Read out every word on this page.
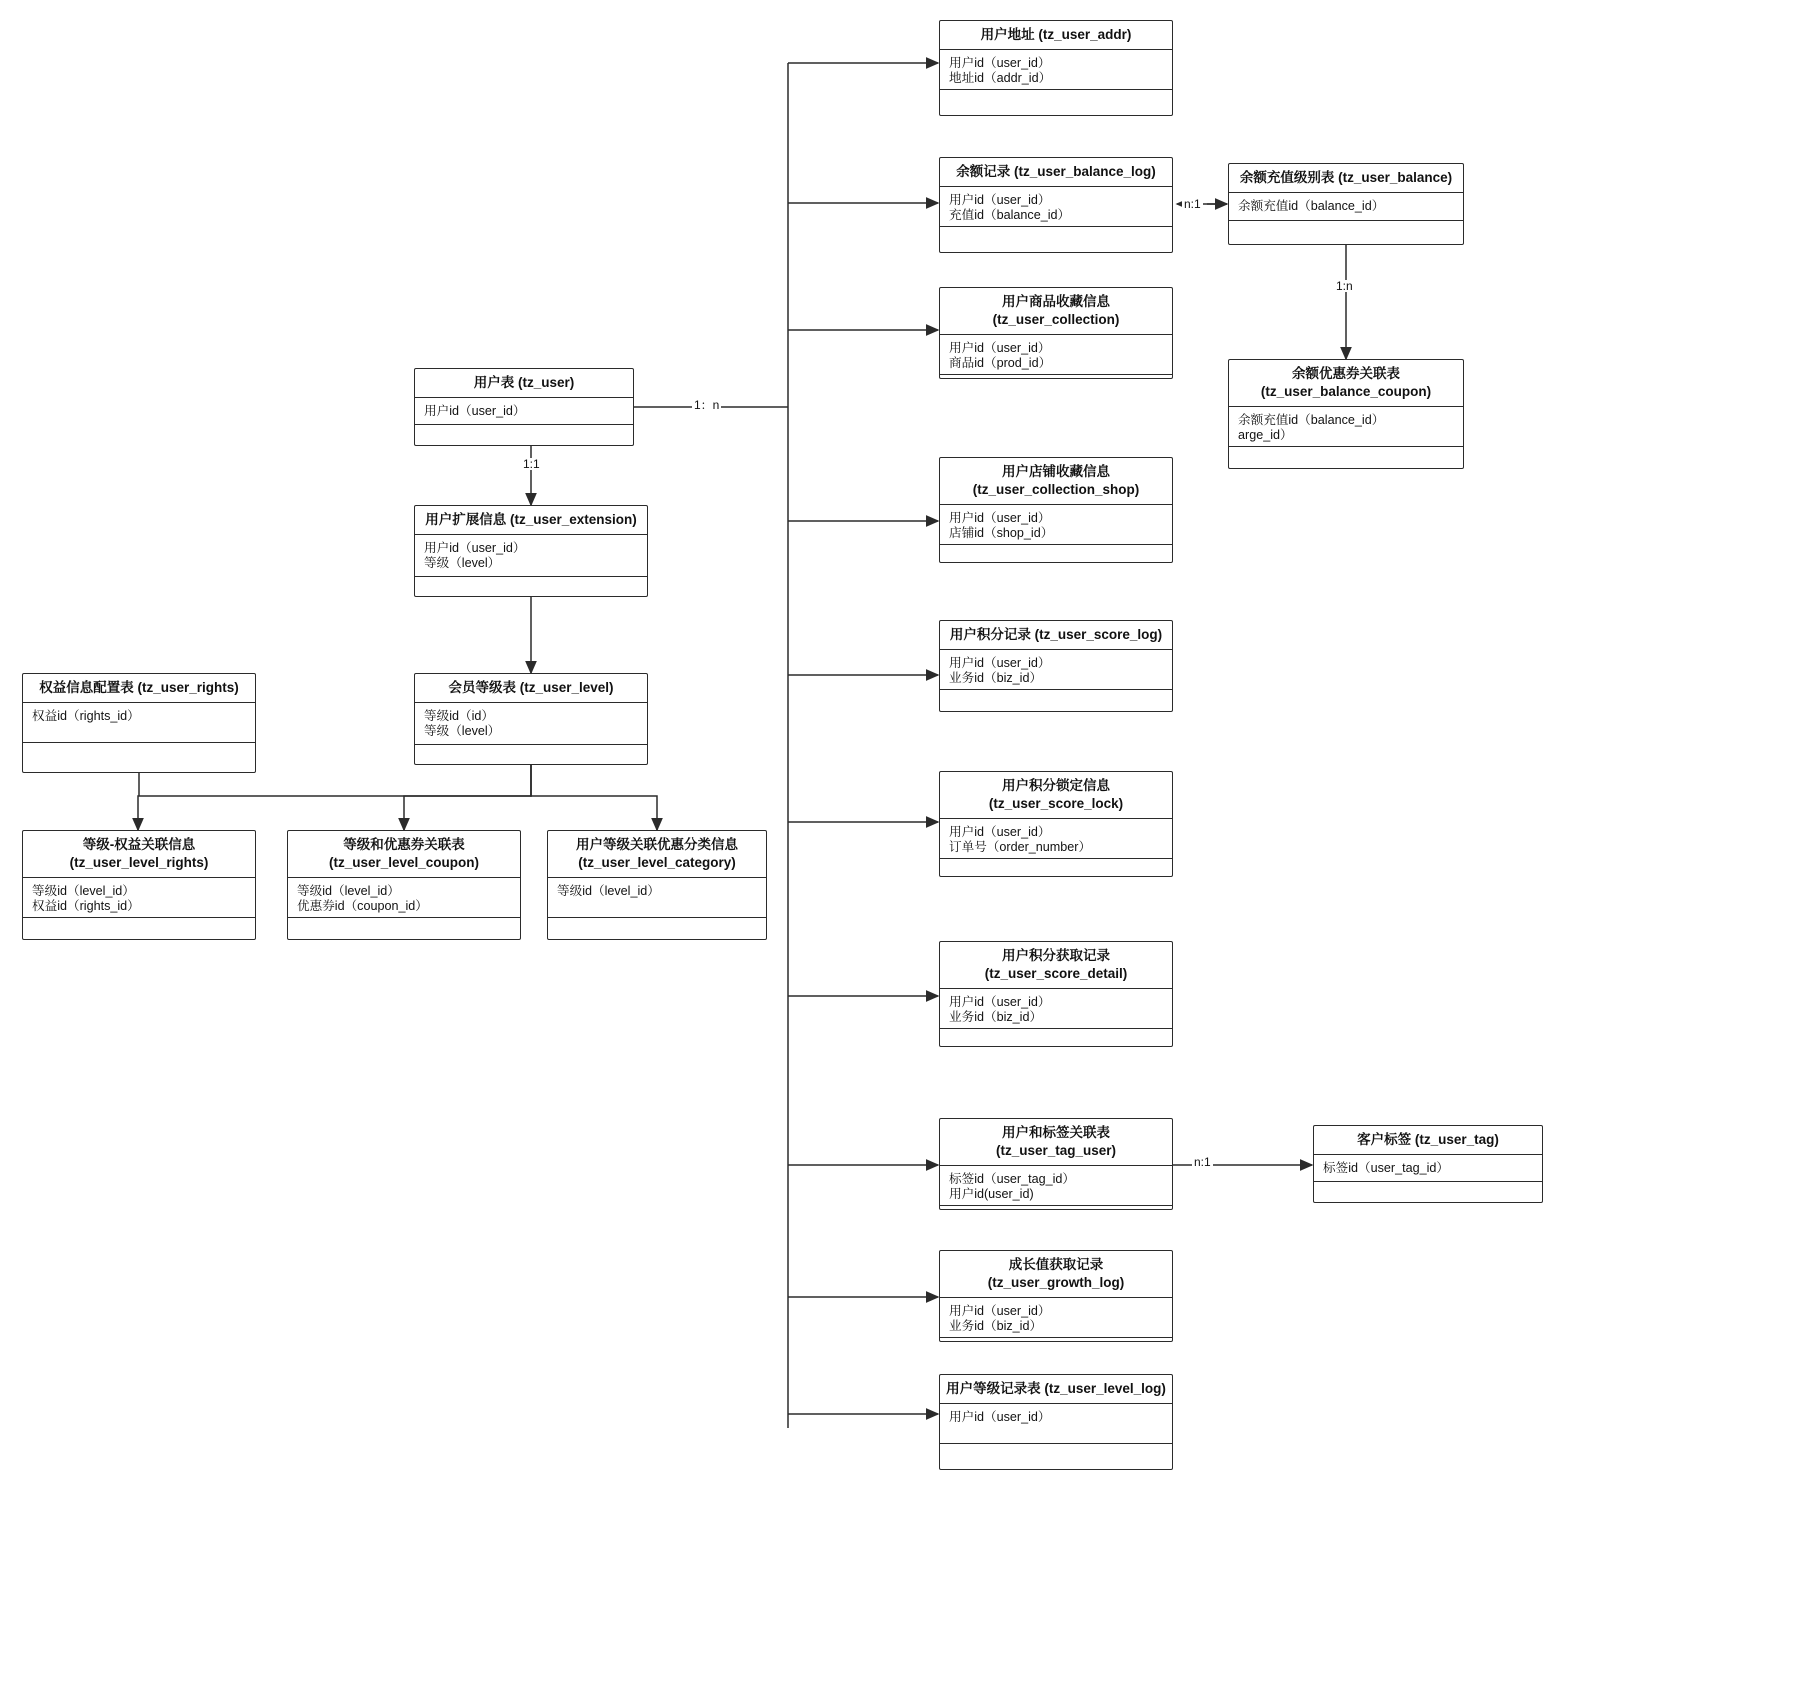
用户表 (tz_user)
用户id（user_id）
用户扩展信息 (tz_user_extension)
用户id（user_id）
等级（level）
会员等级表 (tz_user_level)
等级id（id）
等级（level）
权益信息配置表 (tz_user_rights)
权益id（rights_id）
等级-权益关联信息
(tz_user_level_rights)
等级id（level_id）
权益id（rights_id）
等级和优惠券关联表
(tz_user_level_coupon)
等级id（level_id）
优惠券id（coupon_id）
用户等级关联优惠分类信息
(tz_user_level_category)
等级id（level_id）
用户地址 (tz_user_addr)
用户id（user_id）
地址id（addr_id）
余额记录 (tz_user_balance_log)
用户id（user_id）
充值id（balance_id）
余额充值级别表 (tz_user_balance)
余额充值id（balance_id）
余额优惠券关联表
(tz_user_balance_coupon)
余额充值id（balance_id）
arge_id）
用户商品收藏信息 (tz_user_collection)
用户id（user_id）
商品id（prod_id）
用户店铺收藏信息
(tz_user_collection_shop)
用户id（user_id）
店铺id（shop_id）
用户积分记录 (tz_user_score_log)
用户id（user_id）
业务id（biz_id）
用户积分锁定信息
(tz_user_score_lock)
用户id（user_id）
订单号（order_number）
用户积分获取记录
(tz_user_score_detail)
用户id（user_id）
业务id（biz_id）
用户和标签关联表 (tz_user_tag_user)
标签id（user_tag_id）
用户id(user_id)
客户标签 (tz_user_tag)
标签id（user_tag_id）
成长值获取记录 (tz_user_growth_log)
用户id（user_id）
业务id（biz_id）
用户等级记录表 (tz_user_level_log)
用户id（user_id）
1：n
1:1
n:1
1:n
n:1
